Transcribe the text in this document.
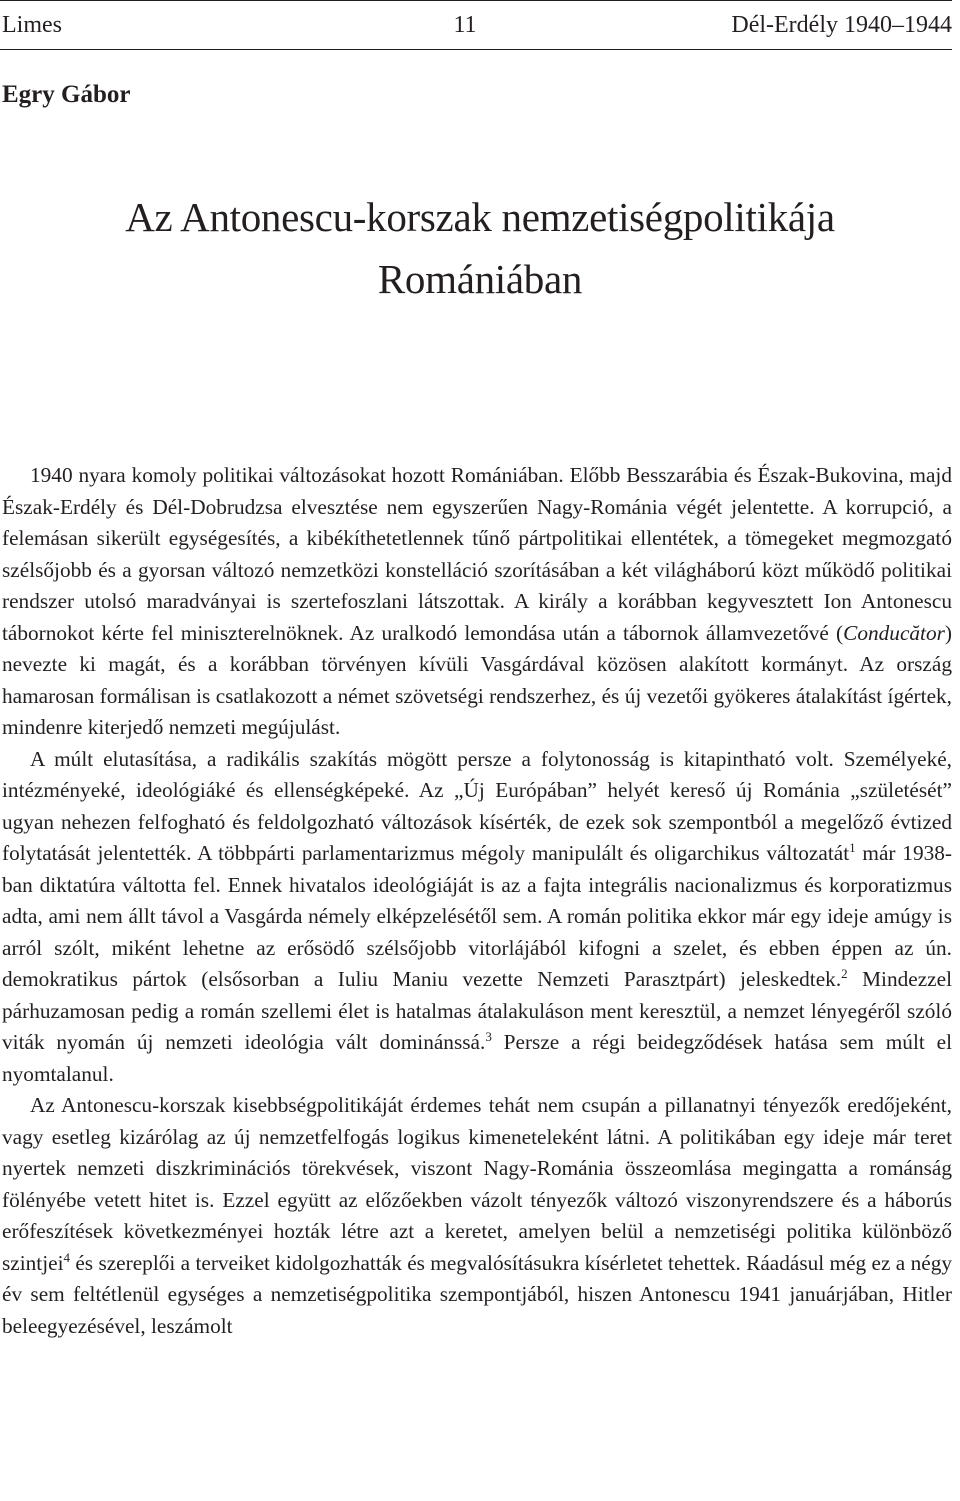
Limes	11	Dél-Erdély 1940–1944
Egry Gábor
Az Antonescu-korszak nemzetiségpolitikája
Romániában

1940 nyara komoly politikai változásokat hozott Romániában. Előbb Besszarábia és Észak-Bukovina, majd Észak-Erdély és Dél-Dobrudzsa elvesztése nem egyszerűen Nagy-Románia végét jelentette. A korrupció, a felemásan sikerült egységesítés, a kibékíthetetlennek tűnő pártpolitikai ellentétek, a tömegeket megmozgató szélsőjobb és a gyorsan változó nemzetközi konstelláció szorításában a két világháború közt működő politikai rendszer utolsó maradványai is szertefoszlani látszottak. A király a korábban kegyvesztett Ion Antonescu tábornokot kérte fel miniszterelnöknek. Az uralkodó lemondása után a tábornok államvezetővé (Conducător) nevezte ki magát, és a korábban törvényen kívüli Vasgárdával közösen alakított kormányt. Az ország hamarosan formálisan is csatlakozott a német szövetségi rendszerhez, és új vezetői gyökeres átalakítást ígértek, mindenre kiterjedő nemzeti megújulást.

A múlt elutasítása, a radikális szakítás mögött persze a folytonosság is kitapintható volt. Személyeké, intézményeké, ideológiáké és ellenségképeké. Az „Új Európában” helyét kereső új Románia „születését” ugyan nehezen felfogható és feldolgozható változások kísérték, de ezek sok szempontból a megelőző évtized folytatását jelentették. A többpárti parlamentarizmus mégoly manipulált és oligarchikus változatát$^1$ már 1938-ban diktatúra váltotta fel. Ennek hivatalos ideológiáját is az a fajta integrális nacionalizmus és korporatizmus adta, ami nem állt távol a Vasgárda némely elképzelésétől sem. A román politika ekkor már egy ideje amúgy is arról szólt, miként lehetne az erősödő szélsőjobb vitorlájából kifogni a szelet, és ebben éppen az ún. demokratikus pártok (elsősorban a Iuliu Maniu vezette Nemzeti Parasztpárt) jeleskedtek.$^2$ Mindezzel párhuzamosan pedig a román szellemi élet is hatalmas átalakuláson ment keresztül, a nemzet lényegéről szóló viták nyomán új nemzeti ideológia vált dominánssá.$^3$ Persze a régi beidegződések hatása sem múlt el nyomtalanul.

Az Antonescu-korszak kisebbségpolitikáját érdemes tehát nem csupán a pillanatnyi tényezők eredőjeként, vagy esetleg kizárólag az új nemzetfelfogás logikus kimeneteleként látni. A politikában egy ideje már teret nyertek nemzeti diszkriminációs törekvések, viszont Nagy-Románia összeomlása megingatta a románság fölényébe vetett hitet is. Ezzel együtt az előzőekben vázolt tényezők változó viszonyrendszere és a háborús erőfeszítések következményei hozták létre azt a keretet, amelyen belül a nemzetiségi politika különböző szintjei$^4$ és szereplői a terveiket kidolgozhatták és megvalósításukra kísérletet tehettek. Ráadásul még ez a négy év sem feltétlenül egységes a nemzetiségpolitika szempontjából, hiszen Antonescu 1941 januárjában, Hitler beleegyezésével, leszámolt
